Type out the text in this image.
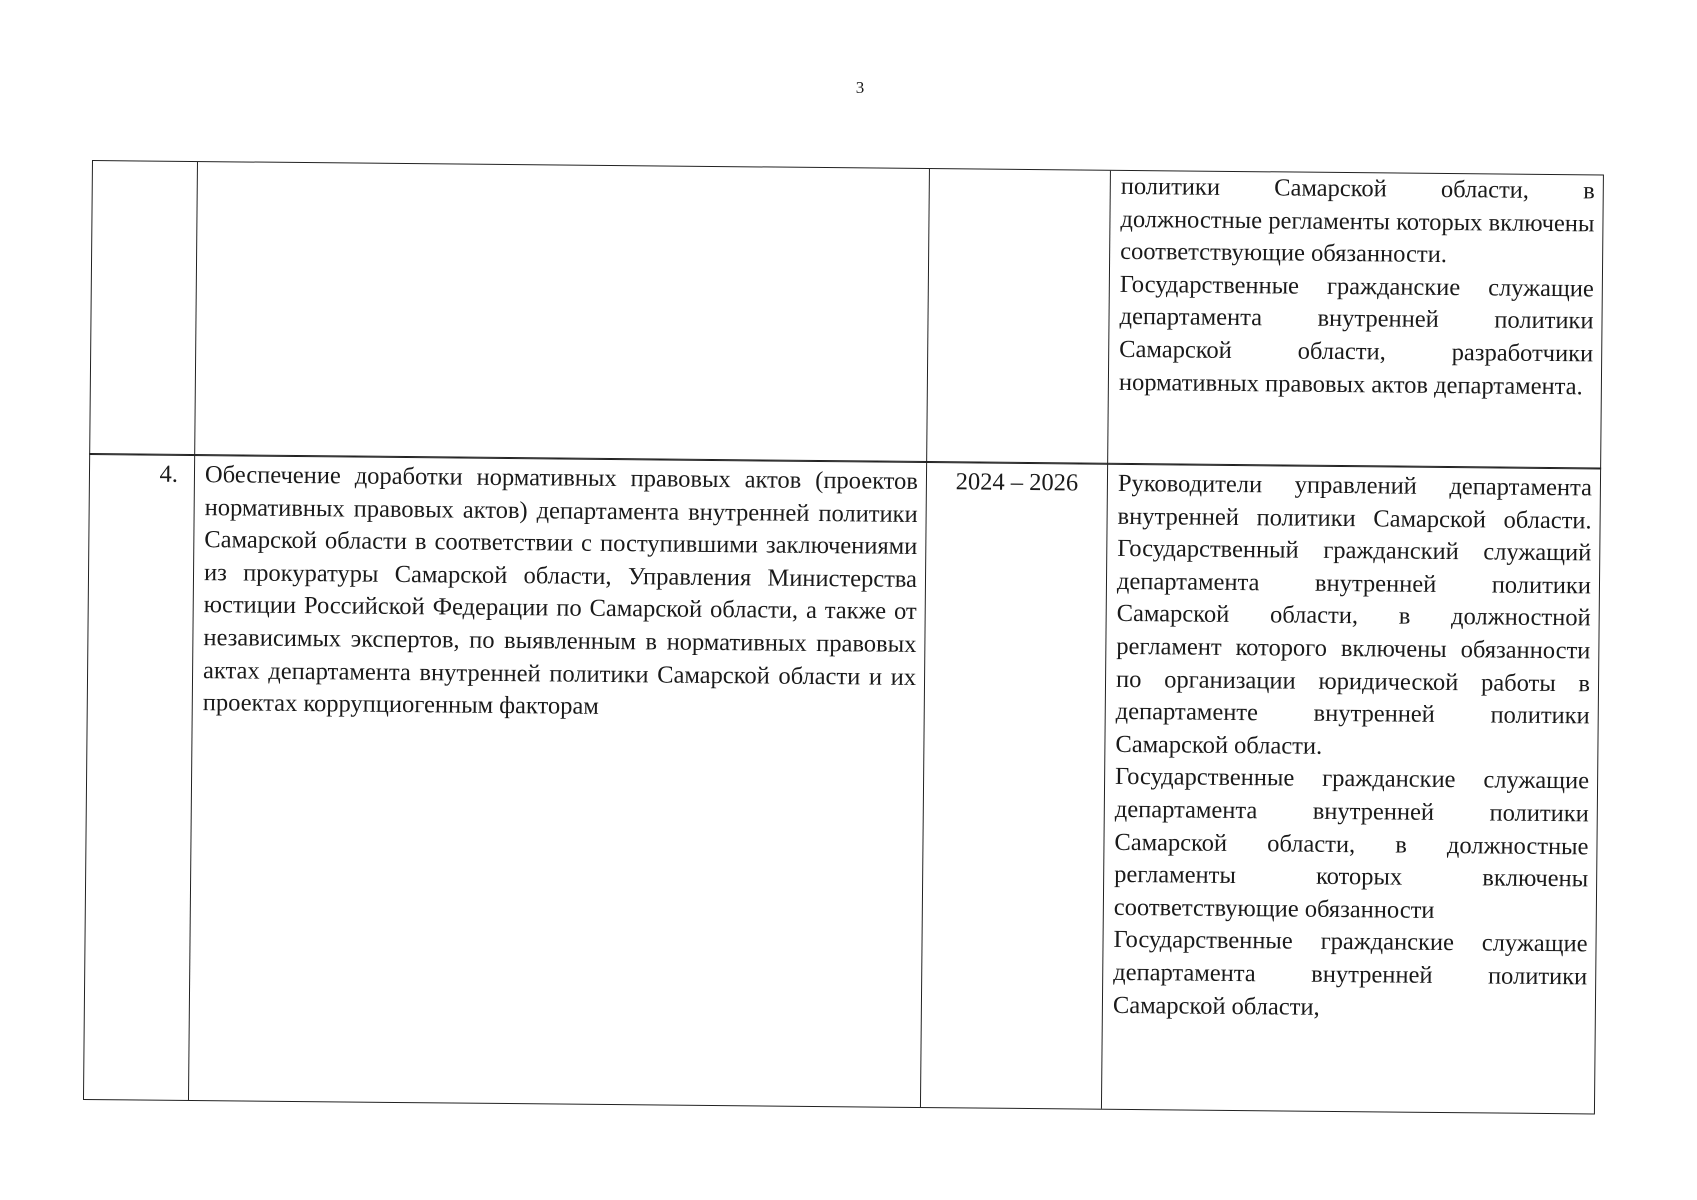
3

политики Самарской области, в должностные регламенты которых включены соответствующие обязанности.

Государственные гражданские служащие департамента внутренней политики Самарской области, разработчики нормативных правовых актов департамента.

4.	Обеспечение доработки нормативных правовых актов (проектов нормативных правовых актов) департамента внутренней политики Самарской области в соответствии с поступившими заключениями из прокуратуры Самарской области, Управления Министерства юстиции Российской Федерации по Самарской области, а также от независимых экспертов, по выявленным в нормативных правовых актах департамента внутренней политики Самарской области и их проектах коррупциогенным факторам

2024 – 2026	Руководители управлений департамента внутренней политики Самарской области. Государственный гражданский служащий департамента внутренней политики Самарской области, в должностной регламент которого включены обязанности по организации юридической работы в департаменте внутренней политики Самарской области.

Государственные гражданские служащие департамента внутренней политики Самарской области, в должностные регламенты которых включены соответствующие обязанности

Государственные гражданские служащие департамента внутренней политики Самарской области,
